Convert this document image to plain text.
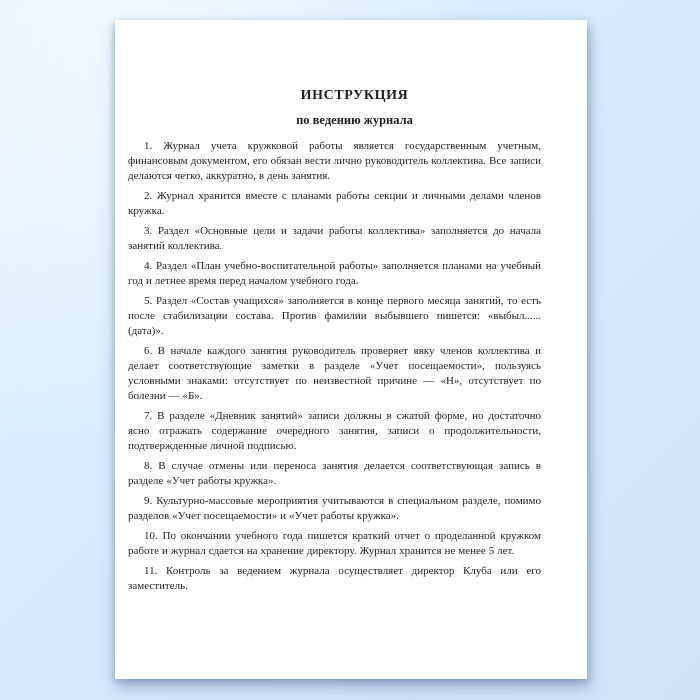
ИНСТРУКЦИЯ
по ведению журнала

1. Журнал учета кружковой работы является государственным учетным, финансовым документом, его обязан вести лично руководитель коллектива. Все записи делаются четко, аккуратно, в день занятия.

2. Журнал хранится вместе с планами работы секции и личными делами членов кружка.

3. Раздел «Основные цели и задачи работы коллектива» заполняется до начала занятий коллектива.

4. Раздел «План учебно-воспитательной работы» заполняется планами на учебный год и летнее время перед началом учебного года.

5. Раздел «Состав учащихся» заполняется в конце первого месяца занятий, то есть после стабилизации состава. Против фамилии выбывшего пишется: «выбыл...... (дата)».

6. В начале каждого занятия руководитель проверяет явку членов коллектива и делает соответствующие заметки в разделе «Учет посещаемости», пользуясь условными знаками: отсутствует по неизвестной причине — «Н», отсутствует по болезни — «Б».

7. В разделе «Дневник занятий» записи должны в сжатой форме, но достаточно ясно отражать содержание очередного занятия, записи о продолжительности, подтвержденные личной подписью.

8. В случае отмены или переноса занятия делается соответствующая запись в разделе «Учет работы кружка».

9. Культурно-массовые мероприятия учитываются в специальном разделе, помимо разделов «Учет посещаемости» и «Учет работы кружка».

10. По окончании учебного года пишется краткий отчет о проделанной кружком работе и журнал сдается на хранение директору. Журнал хранится не менее 5 лет.

11. Контроль за ведением журнала осуществляет директор Клуба или его заместитель.
